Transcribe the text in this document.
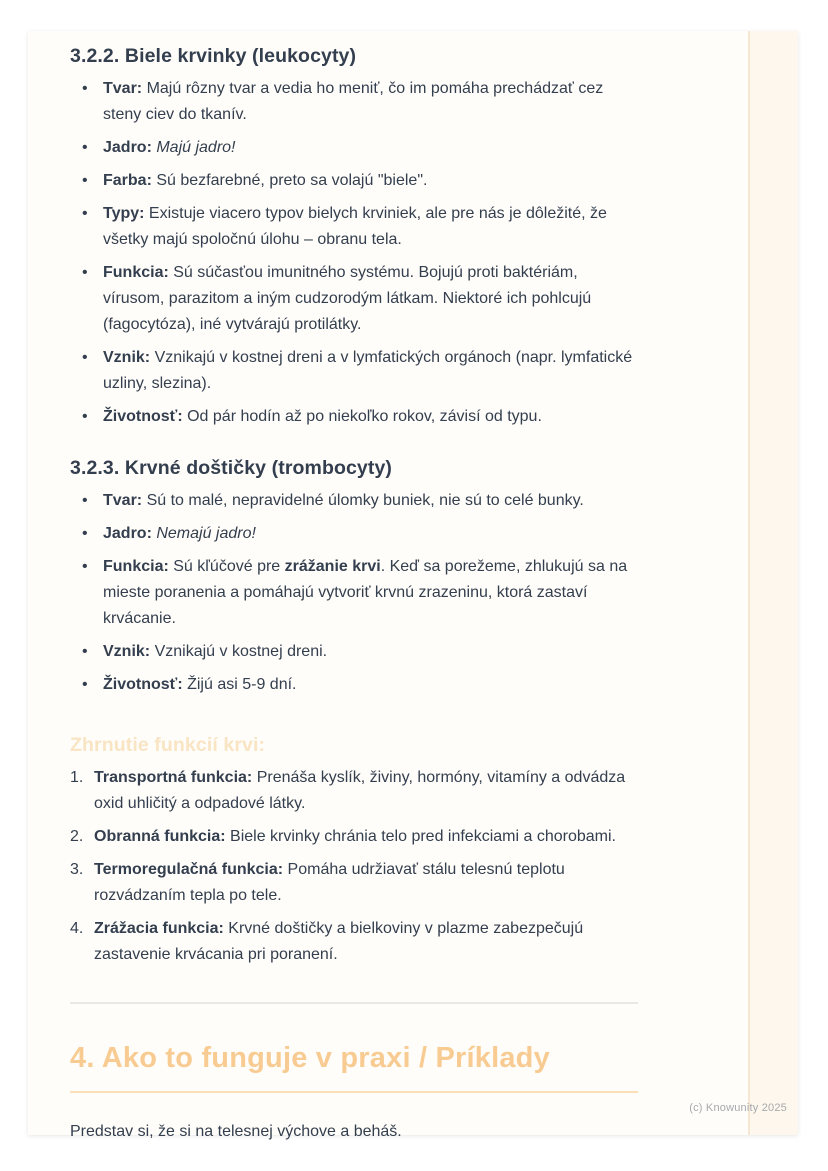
3.2.2. Biele krvinky (leukocyty)
• Tvar: Majú rôzny tvar a vedia ho meniť, čo im pomáha prechádzať cez steny ciev do tkanív.
• Jadro: Majú jadro!
• Farba: Sú bezfarebné, preto sa volajú "biele".
• Typy: Existuje viacero typov bielych krviniek, ale pre nás je dôležité, že všetky majú spoločnú úlohu – obranu tela.
• Funkcia: Sú súčasťou imunitného systému. Bojujú proti baktériám, vírusom, parazitom a iným cudzorodým látkam. Niektoré ich pohlcujú (fagocytóza), iné vytvárajú protilátky.
• Vznik: Vznikajú v kostnej dreni a v lymfatických orgánoch (napr. lymfatické uzliny, slezina).
• Životnosť: Od pár hodín až po niekoľko rokov, závisí od typu.
3.2.3. Krvné doštičky (trombocyty)
• Tvar: Sú to malé, nepravidelné úlomky buniek, nie sú to celé bunky.
• Jadro: Nemajú jadro!
• Funkcia: Sú kľúčové pre zrážanie krvi. Keď sa porežeme, zhlukujú sa na mieste poranenia a pomáhajú vytvoriť krvnú zrazeninu, ktorá zastaví krvácanie.
• Vznik: Vznikajú v kostnej dreni.
• Životnosť: Žijú asi 5-9 dní.
Zhrnutie funkcií krvi:
1. Transportná funkcia: Prenáša kyslík, živiny, hormóny, vitamíny a odvádza oxid uhličitý a odpadové látky.
2. Obranná funkcia: Biele krvinky chránia telo pred infekciami a chorobami.
3. Termoregulačná funkcia: Pomáha udržiavať stálu telesnú teplotu rozvádzaním tepla po tele.
4. Zrážacia funkcia: Krvné doštičky a bielkoviny v plazme zabezpečujú zastavenie krvácania pri poranení.
4. Ako to funguje v praxi / Príklady

Predstav si, že si na telesnej výchove a beháš.

(c) Knowunity 2025
